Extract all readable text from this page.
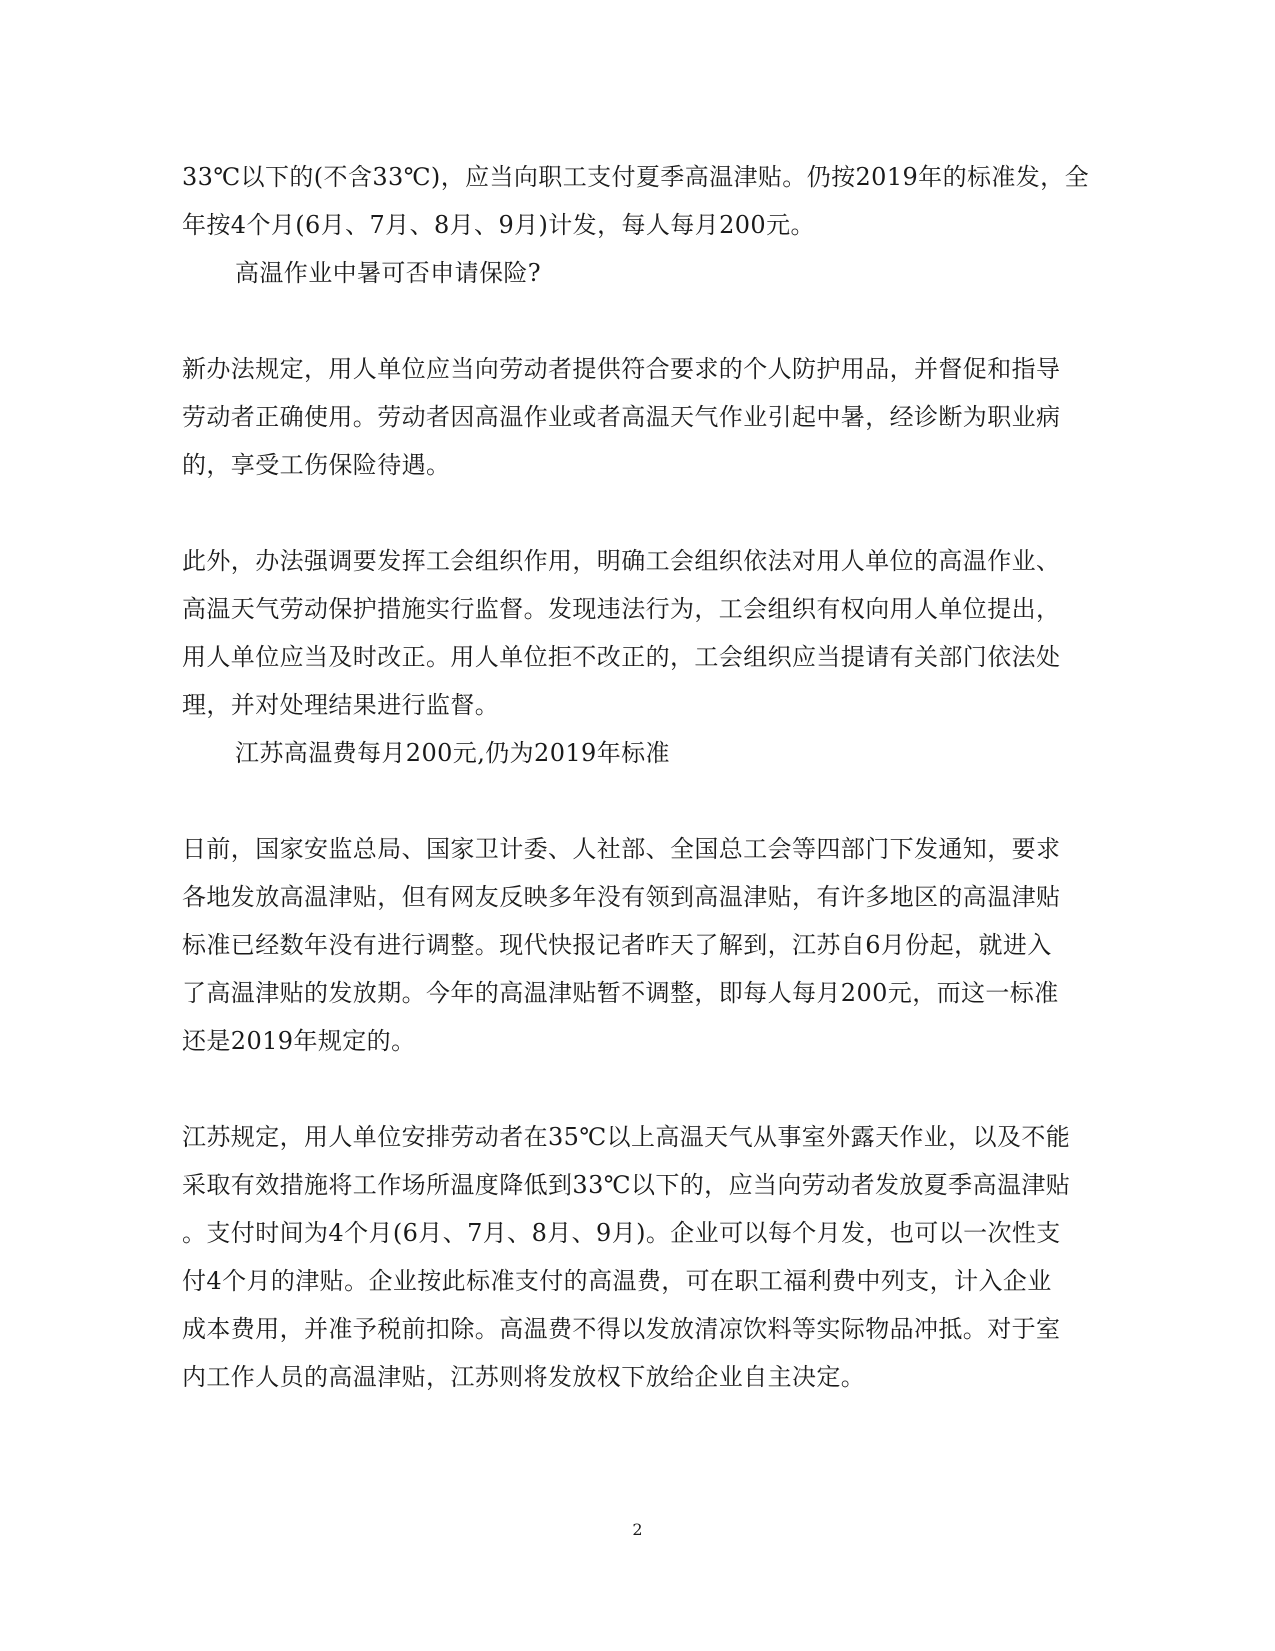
33℃以下的(不含33℃)，应当向职工支付夏季高温津贴。仍按2019年的标准发，全
年按4个月(6月、7月、8月、9月)计发，每人每月200元。
高温作业中暑可否申请保险?
新办法规定，用人单位应当向劳动者提供符合要求的个人防护用品，并督促和指导
劳动者正确使用。劳动者因高温作业或者高温天气作业引起中暑，经诊断为职业病
的，享受工伤保险待遇。
此外，办法强调要发挥工会组织作用，明确工会组织依法对用人单位的高温作业、
高温天气劳动保护措施实行监督。发现违法行为，工会组织有权向用人单位提出，
用人单位应当及时改正。用人单位拒不改正的，工会组织应当提请有关部门依法处
理，并对处理结果进行监督。
江苏高温费每月200元,仍为2019年标准
日前，国家安监总局、国家卫计委、人社部、全国总工会等四部门下发通知，要求
各地发放高温津贴，但有网友反映多年没有领到高温津贴，有许多地区的高温津贴
标准已经数年没有进行调整。现代快报记者昨天了解到，江苏自6月份起，就进入
了高温津贴的发放期。今年的高温津贴暂不调整，即每人每月200元，而这一标准
还是2019年规定的。
江苏规定，用人单位安排劳动者在35℃以上高温天气从事室外露天作业，以及不能
采取有效措施将工作场所温度降低到33℃以下的，应当向劳动者发放夏季高温津贴
。支付时间为4个月(6月、7月、8月、9月)。企业可以每个月发，也可以一次性支
付4个月的津贴。企业按此标准支付的高温费，可在职工福利费中列支，计入企业
成本费用，并准予税前扣除。高温费不得以发放清凉饮料等实际物品冲抵。对于室
内工作人员的高温津贴，江苏则将发放权下放给企业自主决定。
2
